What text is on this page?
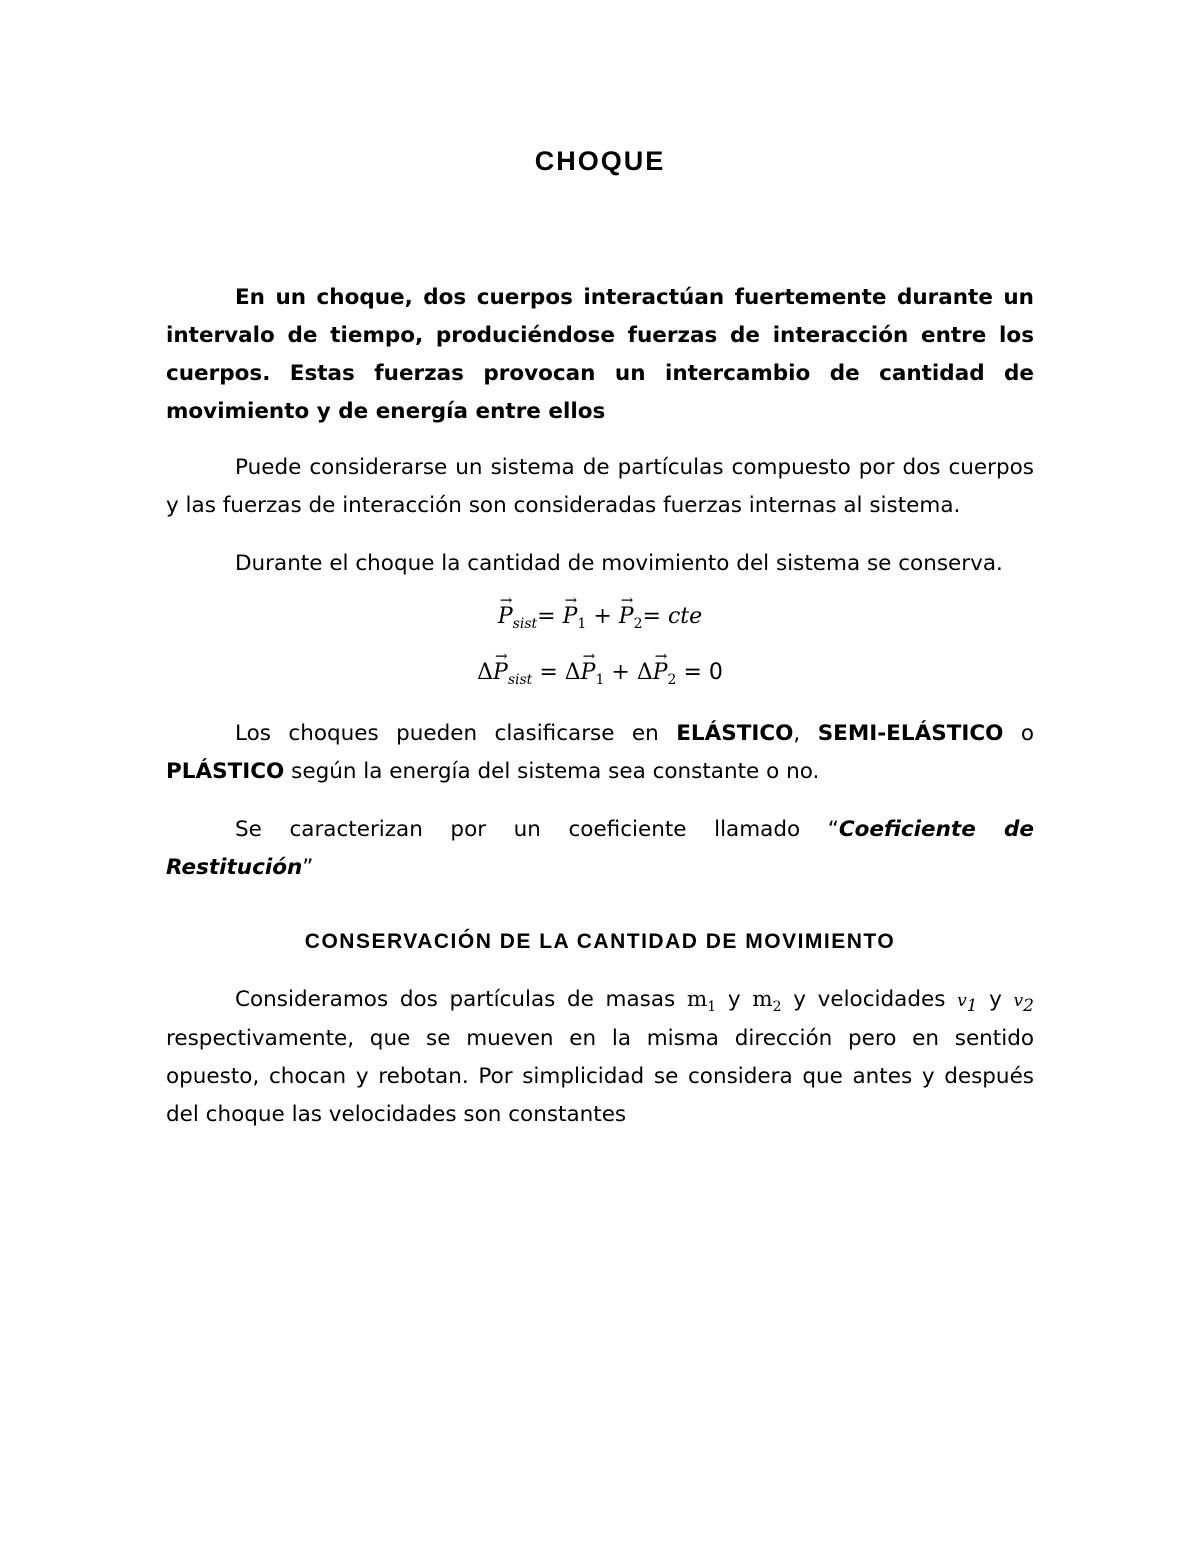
CHOQUE
En un choque, dos cuerpos interactúan fuertemente durante un intervalo de tiempo, produciéndose fuerzas de interacción entre los cuerpos. Estas fuerzas provocan un intercambio de cantidad de movimiento y de energía entre ellos
Puede considerarse un sistema de partículas compuesto por dos cuerpos y las fuerzas de interacción son consideradas fuerzas internas al sistema.
Durante el choque la cantidad de movimiento del sistema se conserva.
→ $P_{sist}= \to P_1$ + → $P_2=$ cte
$\Delta\to P_{sist} = \Delta\to P_1 + \Delta\to P_2 = 0$
Los choques pueden clasificarse en ELÁSTICO, SEMI-ELÁSTICO o PLÁSTICO según la energía del sistema sea constante o no.
Se caracterizan por un coeficiente llamado “Coeficiente de Restitución”
CONSERVACIÓN DE LA CANTIDAD DE MOVIMIENTO
Consideramos dos partículas de masas $m_1$ y $m_2$ y velocidades $v_1$ y $v_2$ respectivamente, que se mueven en la misma dirección pero en sentido opuesto, chocan y rebotan. Por simplicidad se considera que antes y después del choque las velocidades son constantes
